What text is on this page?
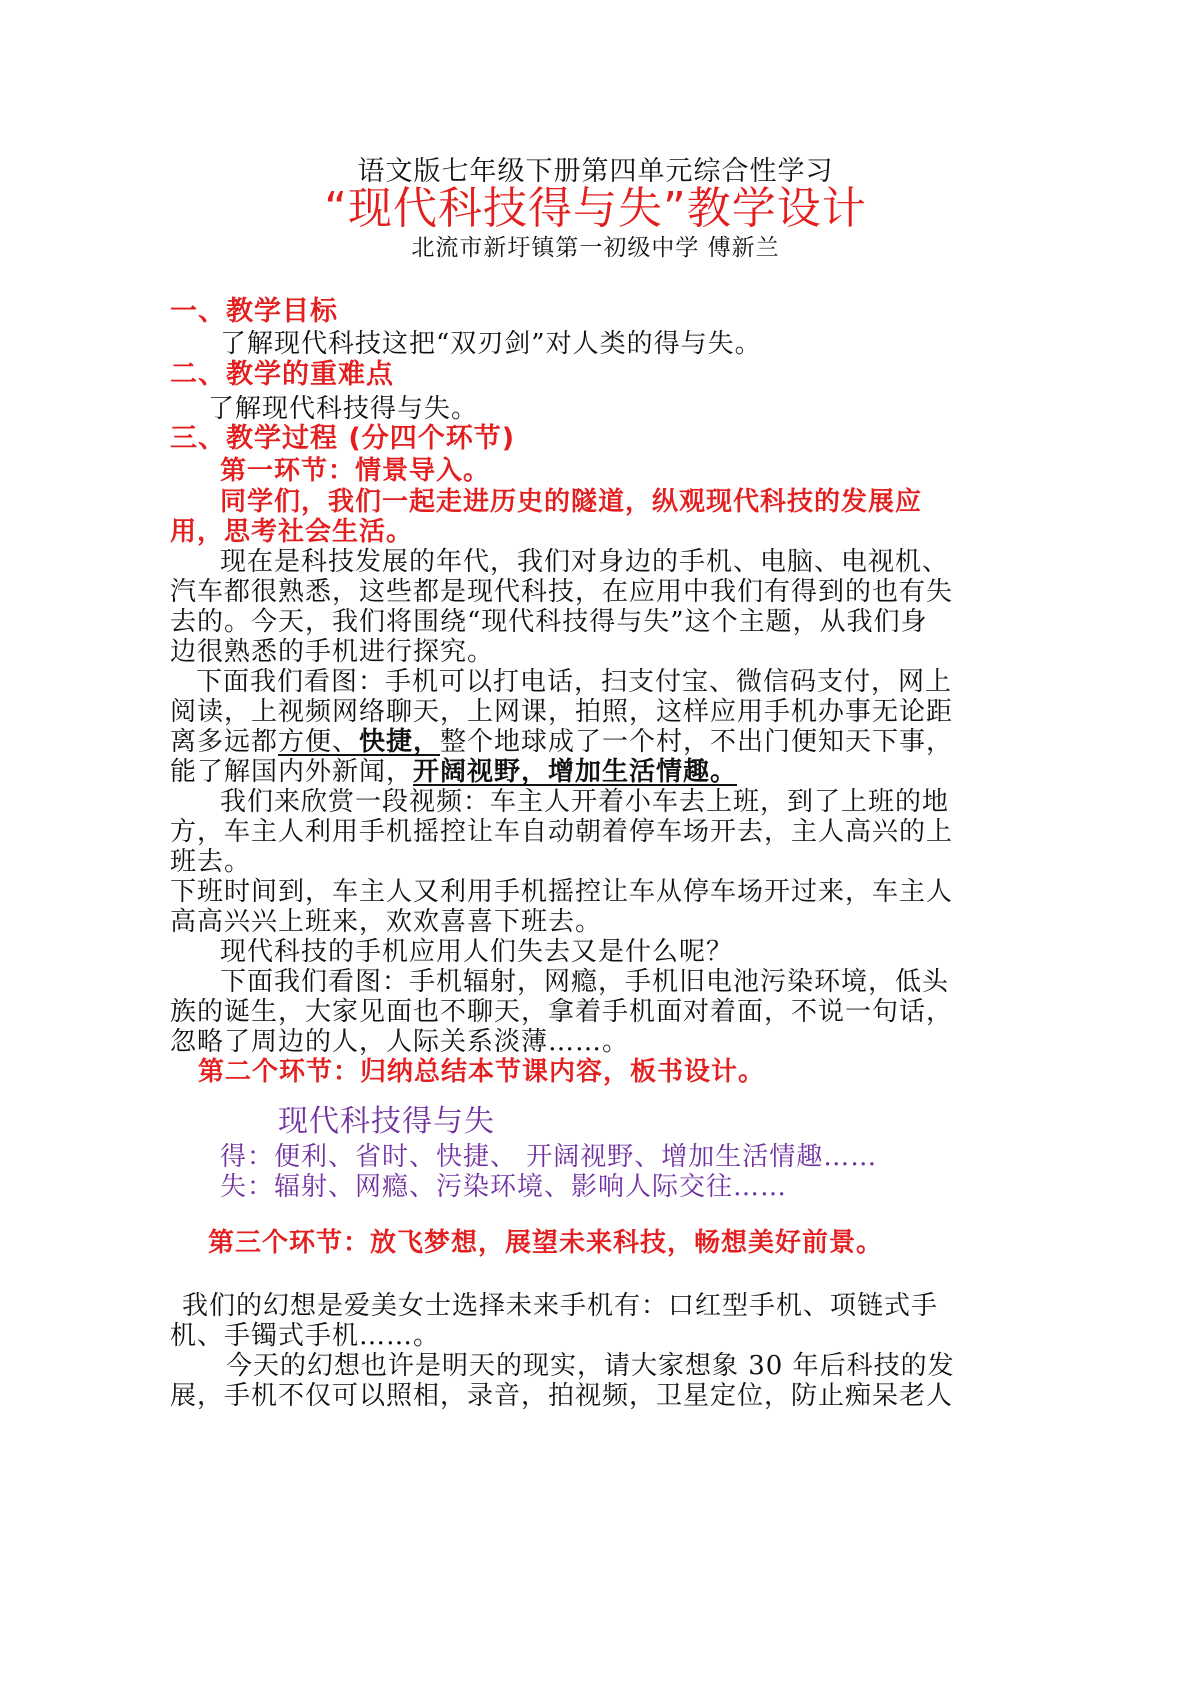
语文版七年级下册第四单元综合性学习
“现代科技得与失”教学设计
北流市新圩镇第一初级中学 傅新兰
一、教学目标
了解现代科技这把“双刃剑”对人类的得与失。
二、教学的重难点
了解现代科技得与失。
三、教学过程 (分四个环节)
第一环节：情景导入。
同学们，我们一起走进历史的隧道，纵观现代科技的发展应
用，思考社会生活。
现在是科技发展的年代，我们对身边的手机、电脑、电视机、
汽车都很熟悉，这些都是现代科技，在应用中我们有得到的也有失
去的。今天，我们将围绕“现代科技得与失”这个主题，从我们身
边很熟悉的手机进行探究。
下面我们看图：手机可以打电话，扫支付宝、微信码支付，网上
阅读，上视频网络聊天，上网课，拍照，这样应用手机办事无论距
离多远都方便、快捷，整个地球成了一个村，不出门便知天下事，
能了解国内外新闻，开阔视野，增加生活情趣。
我们来欣赏一段视频：车主人开着小车去上班，到了上班的地
方，车主人利用手机摇控让车自动朝着停车场开去，主人高兴的上
班去。
下班时间到，车主人又利用手机摇控让车从停车场开过来，车主人
高高兴兴上班来，欢欢喜喜下班去。
现代科技的手机应用人们失去又是什么呢？
下面我们看图：手机辐射，网瘾，手机旧电池污染环境，低头
族的诞生，大家见面也不聊天，拿着手机面对着面，不说一句话，
忽略了周边的人，人际关系淡薄……。
第二个环节：归纳总结本节课内容，板书设计。
现代科技得与失
得：便利、省时、快捷、 开阔视野、增加生活情趣……
失：辐射、网瘾、污染环境、影响人际交往……
第三个环节：放飞梦想，展望未来科技，畅想美好前景。
我们的幻想是爱美女士选择未来手机有：口红型手机、项链式手
机、手镯式手机……。
今天的幻想也许是明天的现实，请大家想象 30 年后科技的发
展，手机不仅可以照相，录音，拍视频，卫星定位，防止痴呆老人
